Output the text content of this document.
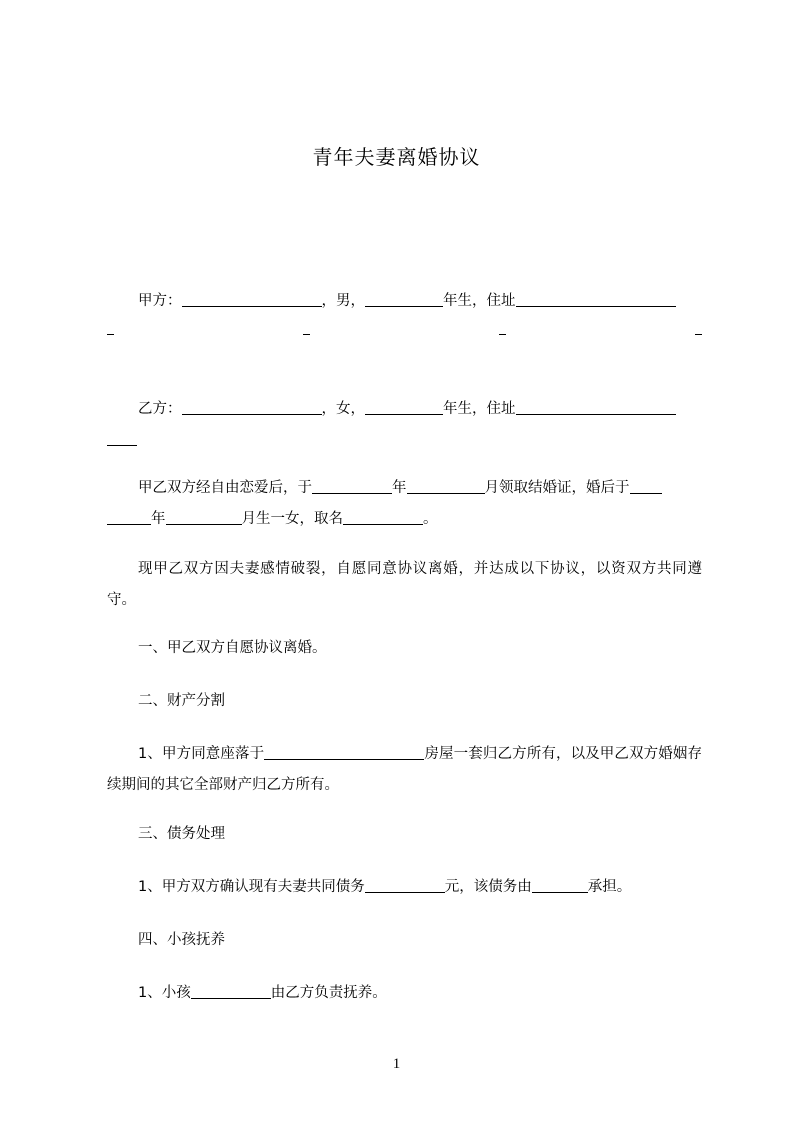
青年夫妻离婚协议
甲方：	，男，	年生，住址
乙方：	，女，	年生，住址

甲乙双方经自由恋爱后，于	年	月领取结婚证，婚后于
年	月生一女，取名	。
现甲乙双方因夫妻感情破裂，自愿同意协议离婚，并达成以下协议，以资双方共同遵守。
一、甲乙双方自愿协议离婚。
二、财产分割
1、甲方同意座落于	房屋一套归乙方所有，以及甲乙双方婚姻存续期间的其它全部财产归乙方所有。
三、债务处理
1、甲方双方确认现有夫妻共同债务	元，该债务由	承担。
四、小孩抚养
1、小孩	由乙方负责抚养。
1
